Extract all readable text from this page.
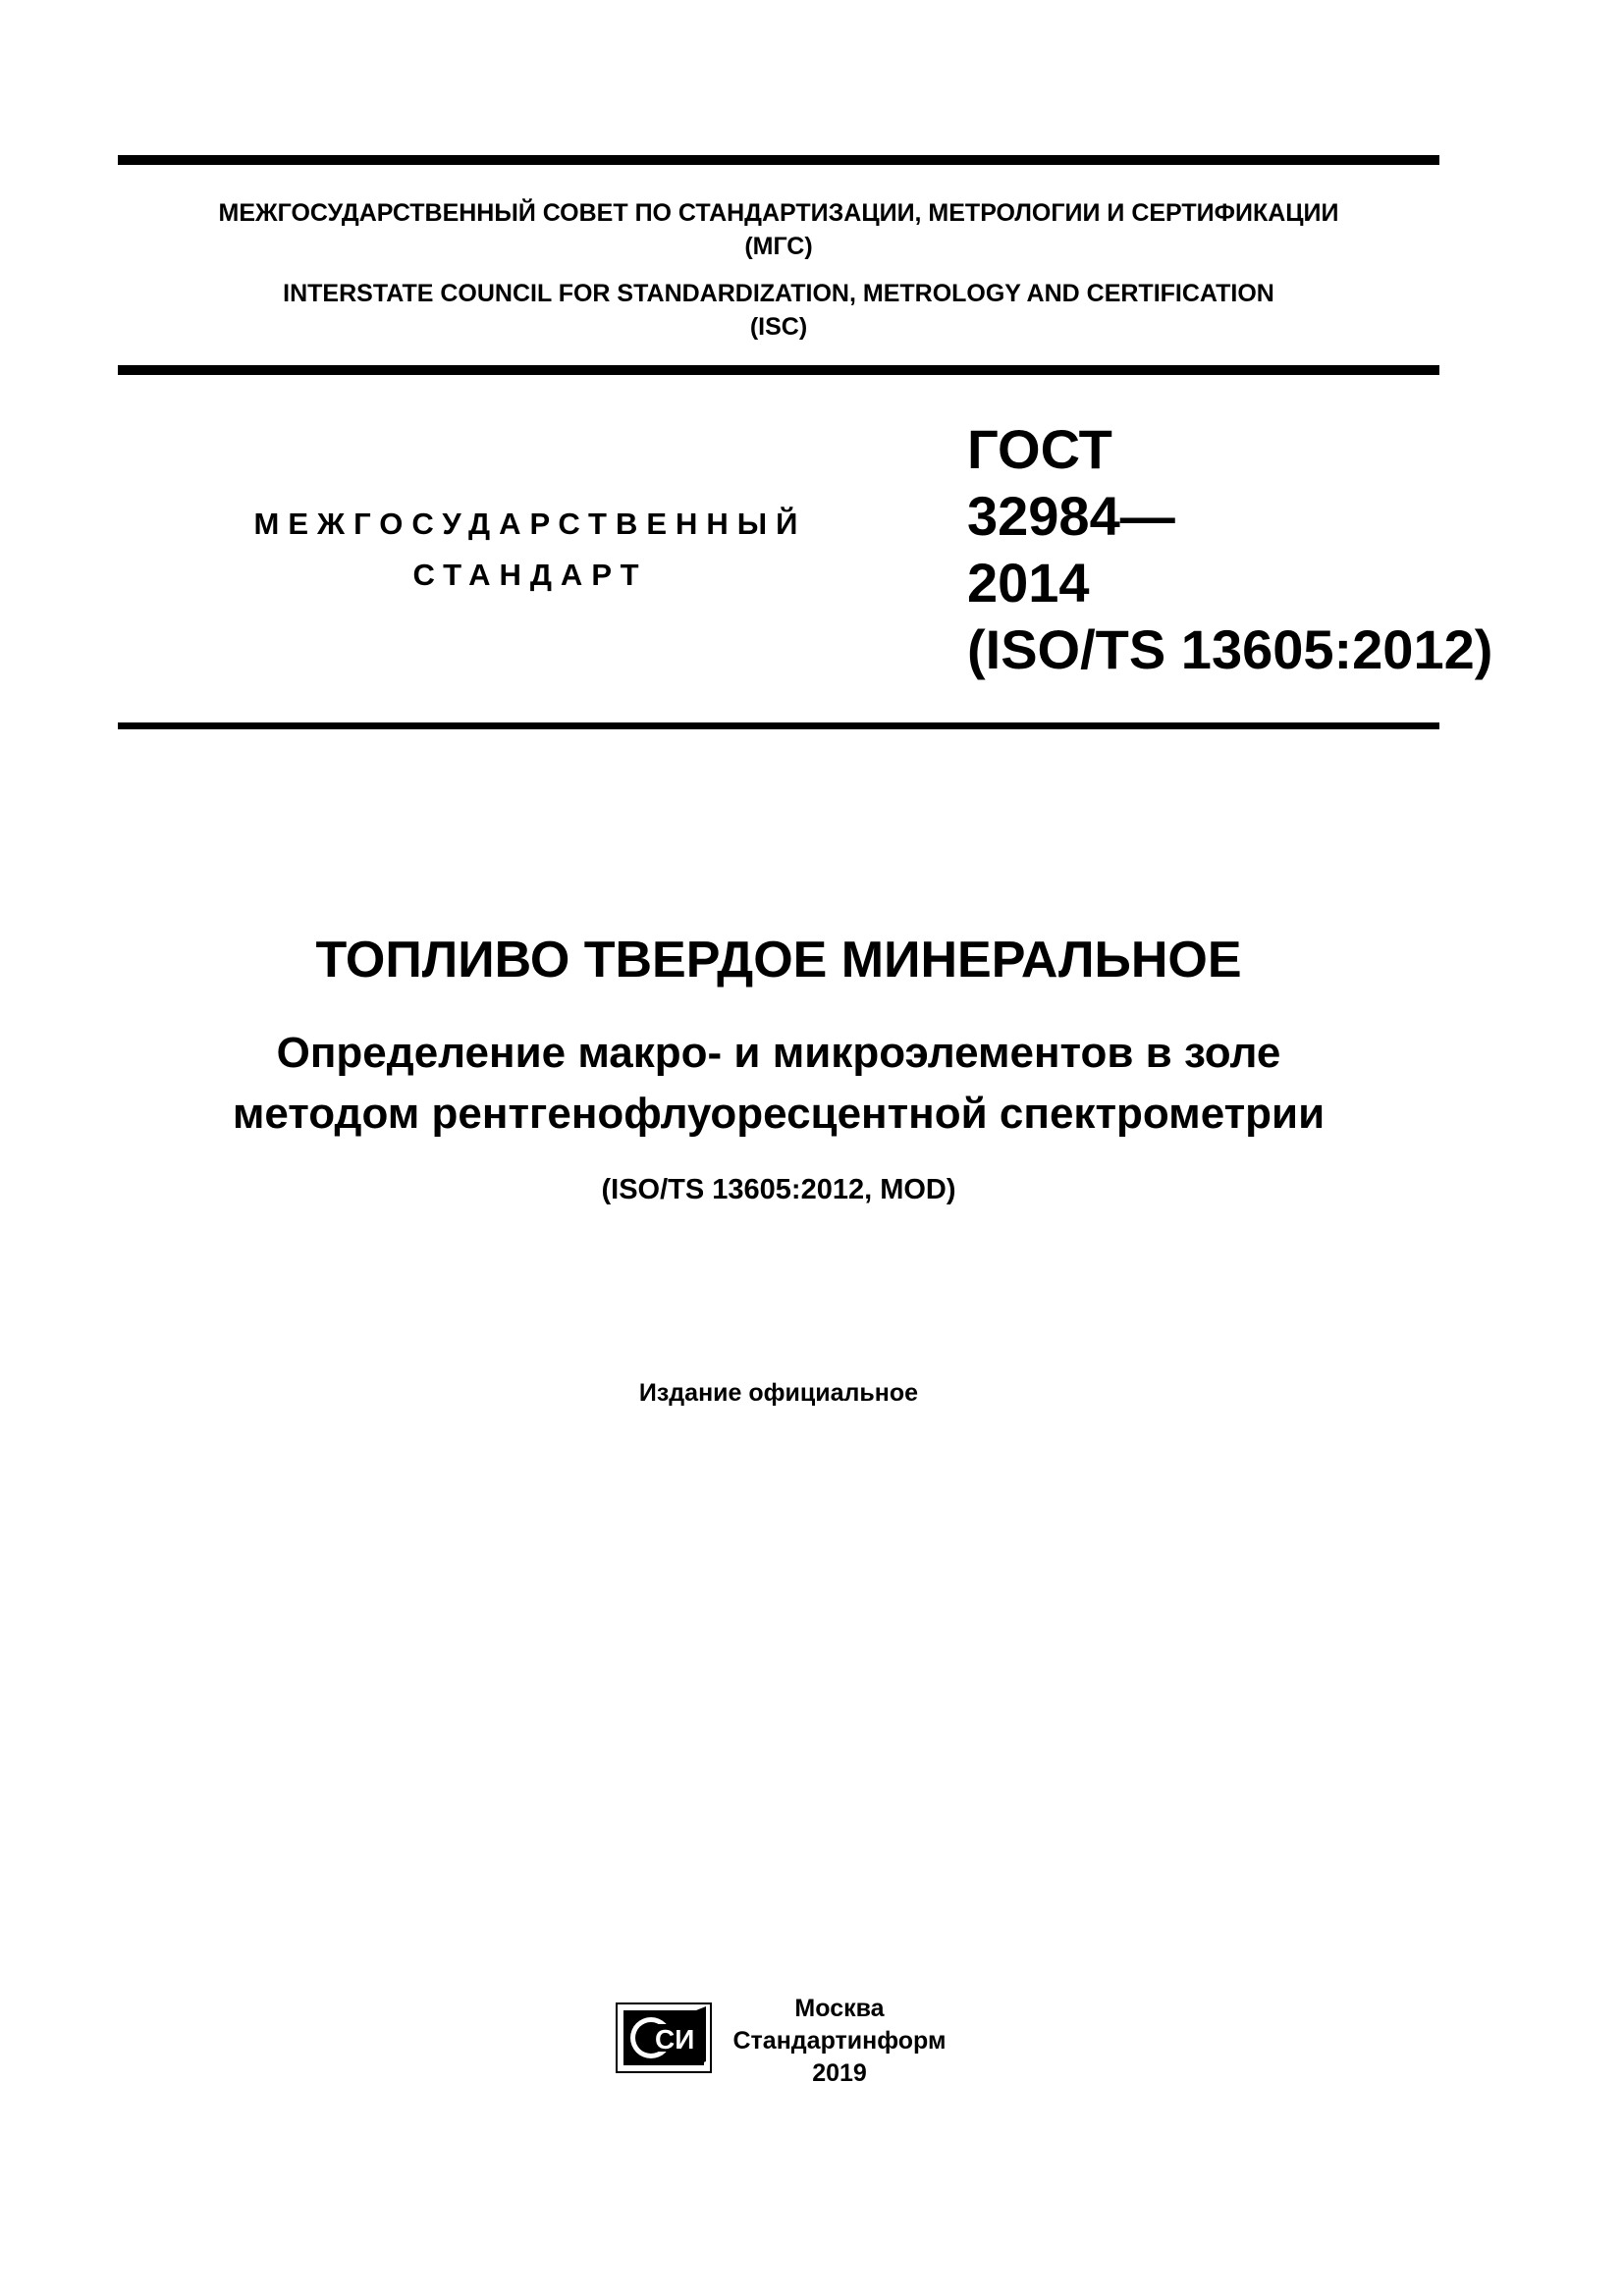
МЕЖГОСУДАРСТВЕННЫЙ СОВЕТ ПО СТАНДАРТИЗАЦИИ, МЕТРОЛОГИИ И СЕРТИФИКАЦИИ
(МГС)
INTERSTATE COUNCIL FOR STANDARDIZATION, METROLOGY AND CERTIFICATION
(ISC)
МЕЖГОСУДАРСТВЕННЫЙ
СТАНДАРТ
ГОСТ
32984—
2014
(ISO/TS 13605:2012)
ТОПЛИВО ТВЕРДОЕ МИНЕРАЛЬНОЕ
Определение макро- и микроэлементов в золе
методом рентгенофлуоресцентной спектрометрии
(ISO/TS 13605:2012, MOD)
Издание официальное
СИ
Москва
Стандартинформ
2019
